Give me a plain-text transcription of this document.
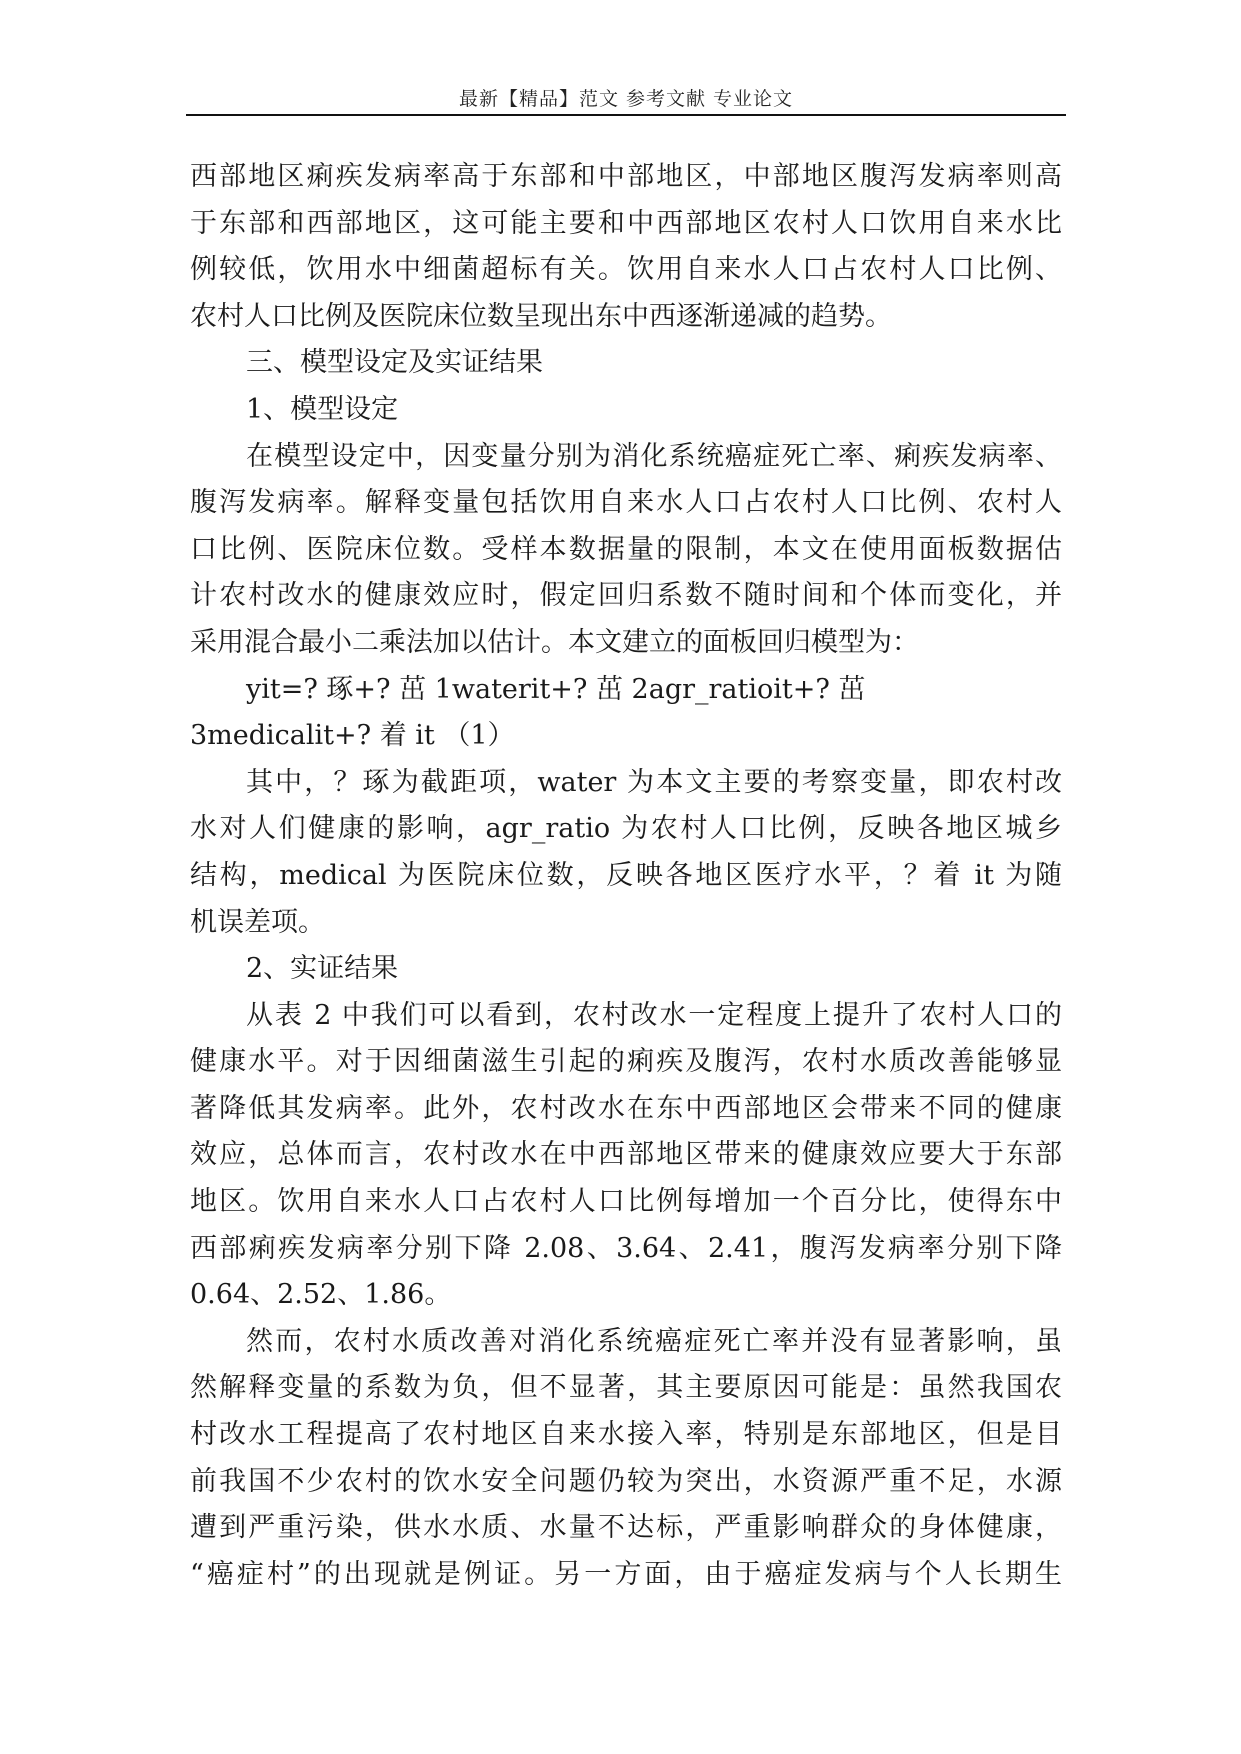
最新【精品】范文 参考文献 专业论文
西部地区痢疾发病率高于东部和中部地区，中部地区腹泻发病率则高
于东部和西部地区，这可能主要和中西部地区农村人口饮用自来水比
例较低，饮用水中细菌超标有关。饮用自来水人口占农村人口比例、
农村人口比例及医院床位数呈现出东中西逐渐递减的趋势。
三、模型设定及实证结果
1、模型设定
在模型设定中，因变量分别为消化系统癌症死亡率、痢疾发病率、
腹泻发病率。解释变量包括饮用自来水人口占农村人口比例、农村人
口比例、医院床位数。受样本数据量的限制，本文在使用面板数据估
计农村改水的健康效应时，假定回归系数不随时间和个体而变化，并
采用混合最小二乘法加以估计。本文建立的面板回归模型为：
yit=? 琢+? 茁 1waterit+? 茁 2agr_ratioit+? 茁
3medicalit+? 着 it （1）
其中，？琢为截距项，water 为本文主要的考察变量，即农村改
水对人们健康的影响，agr_ratio 为农村人口比例，反映各地区城乡
结构，medical 为医院床位数，反映各地区医疗水平，？着 it 为随
机误差项。
2、实证结果
从表 2 中我们可以看到，农村改水一定程度上提升了农村人口的
健康水平。对于因细菌滋生引起的痢疾及腹泻，农村水质改善能够显
著降低其发病率。此外，农村改水在东中西部地区会带来不同的健康
效应，总体而言，农村改水在中西部地区带来的健康效应要大于东部
地区。饮用自来水人口占农村人口比例每增加一个百分比，使得东中
西部痢疾发病率分别下降 2.08、3.64、2.41，腹泻发病率分别下降
0.64、2.52、1.86。
然而，农村水质改善对消化系统癌症死亡率并没有显著影响，虽
然解释变量的系数为负，但不显著，其主要原因可能是：虽然我国农
村改水工程提高了农村地区自来水接入率，特别是东部地区，但是目
前我国不少农村的饮水安全问题仍较为突出，水资源严重不足，水源
遭到严重污染，供水水质、水量不达标，严重影响群众的身体健康，
“癌症村”的出现就是例证。另一方面，由于癌症发病与个人长期生
